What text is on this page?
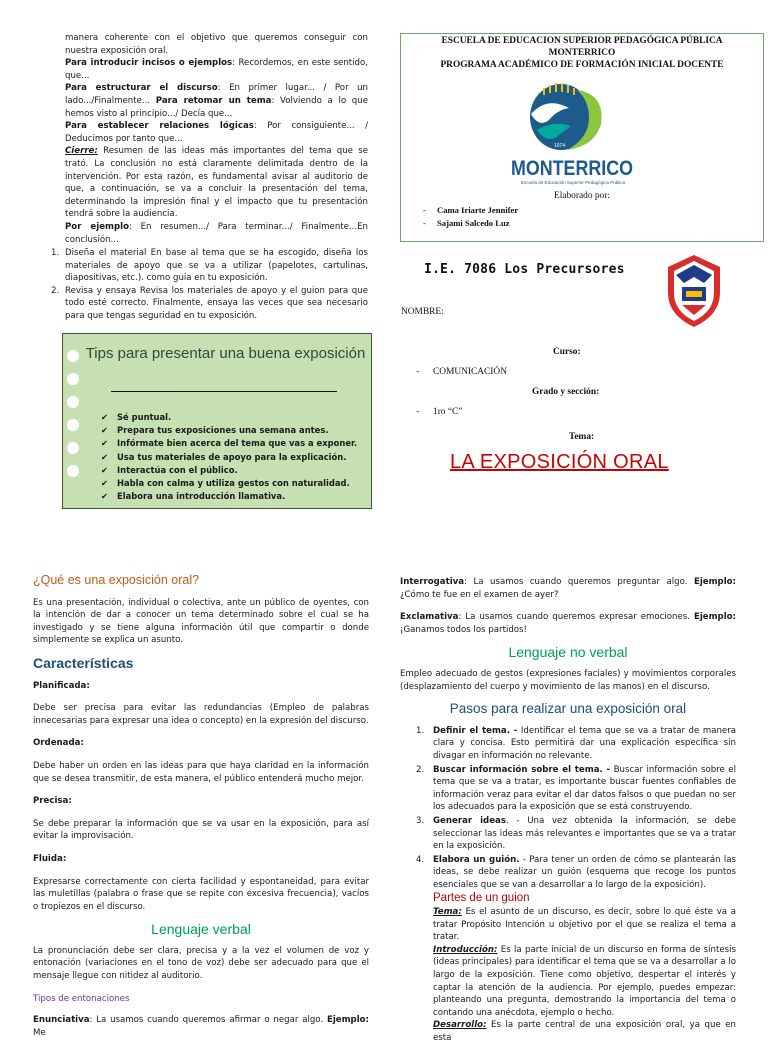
manera coherente con el objetivo que queremos conseguir con nuestra exposición oral.

Para introducir incisos o ejemplos: Recordemos, en este sentido, que...

Para estructurar el discurso: En primer lugar... / Por un lado.../Finalmente... Para retomar un tema: Volviendo a lo que hemos visto al principio.../ Decía que...

Para establecer relaciones lógicas: Por consiguiente... / Deducimos por tanto que...

Cierre: Resumen de las ideas más importantes del tema que se trató. La conclusión no está claramente delimitada dentro de la intervención. Por esta razón, es fundamental avisar al auditorio de que, a continuación, se va a concluir la presentación del tema, determinando la impresión final y el impacto que tu presentación tendrá sobre la audiencia.

Por ejemplo: En resumen.../ Para terminar.../ Finalmente...En conclusión...

1. Diseña el material En base al tema que se ha escogido, diseña los materiales de apoyo que se va a utilizar (papelotes, cartulinas, diapositivas, etc.). como guía en tu exposición.
2. Revisa y ensaya Revisa los materiales de apoyo y el guion para que todo esté correcto. Finalmente, ensaya las veces que sea necesario para que tengas seguridad en tu exposición.
Tips para presentar una buena exposición
✔ Sé puntual.
✔ Prepara tus exposiciones una semana antes.
✔ Infórmate bien acerca del tema que vas a exponer.
✔ Usa tus materiales de apoyo para la explicación.
✔ Interactúa con el público.
✔ Habla con calma y utiliza gestos con naturalidad.
✔ Elabora una introducción llamativa.
ESCUELA DE EDUCACION SUPERIOR PEDAGÓGICA PÚBLICA
MONTERRICO
PROGRAMA ACADÉMICO DE FORMACIÓN INICIAL DOCENTE
1974
MONTERRICO
Escuela de Educación Superior Pedagógica Pública
Elaborado por:
- Cama Iriarte Jennifer
- Sajami Salcedo Luz
I.E. 7086 Los Precursores
NOMBRE:
Curso:
- COMUNICACIÓN
Grado y sección:
- 1ro “C”
Tema:
LA EXPOSICIÓN ORAL
¿Qué es una exposición oral?

Es una presentación, individual o colectiva, ante un público de oyentes, con la intención de dar a conocer un tema determinado sobre el cual se ha investigado y se tiene alguna información útil que compartir o donde simplemente se explica un asunto.

Características
Planificada:

Debe ser precisa para evitar las redundancias (Empleo de palabras innecesarias para expresar una idea o concepto) en la expresión del discurso.

Ordenada:

Debe haber un orden en las ideas para que haya claridad en la información que se desea transmitir, de esta manera, el público entenderá mucho mejor.

Precisa:

Se debe preparar la información que se va usar en la exposición, para así evitar la improvisación.

Fluida:

Expresarse correctamente con cierta facilidad y espontaneidad, para evitar las muletillas (palabra o frase que se repite con excesiva frecuencia), vacíos o tropiezos en el discurso.

Lenguaje verbal

La pronunciación debe ser clara, precisa y a la vez el volumen de voz y entonación (variaciones en el tono de voz) debe ser adecuado para que el mensaje llegue con nitidez al auditorio.

Tipos de entonaciones

Enunciativa: La usamos cuando queremos afirmar o negar algo. Ejemplo: Me

Interrogativa: La usamos cuando queremos preguntar algo. Ejemplo: ¿Cómo te fue en el examen de ayer?

Exclamativa: La usamos cuando queremos expresar emociones. Ejemplo: ¡Ganamos todos los partidos!

Lenguaje no verbal

Empleo adecuado de gestos (expresiones faciales) y movimientos corporales (desplazamiento del cuerpo y movimiento de las manos) en el discurso.

Pasos para realizar una exposición oral
1. Definir el tema. - Identificar el tema que se va a tratar de manera clara y concisa. Esto permitirá dar una explicación específica sin divagar en información no relevante.
2. Buscar información sobre el tema. - Buscar información sobre el tema que se va a tratar, es importante buscar fuentes confiables de información veraz para evitar el dar datos falsos o que puedan no ser los adecuados para la exposición que se está construyendo.
3. Generar ideas. - Una vez obtenida la información, se debe seleccionar las ideas más relevantes e importantes que se va a tratar en la exposición.
4. Elabora un guión. - Para tener un orden de cómo se plantearán las ideas, se debe realizar un guión (esquema que recoge los puntos esenciales que se van a desarrollar a lo largo de la exposición).
Partes de un guion

Tema: Es el asunto de un discurso, es decir, sobre lo qué éste va a tratar Propósito Intención u objetivo por el que se realiza el tema a tratar.

Introducción: Es la parte inicial de un discurso en forma de síntesis (ideas principales) para identificar el tema que se va a desarrollar a lo largo de la exposición. Tiene como objetivo, despertar el interés y captar la atención de la audiencia. Por ejemplo, puedes empezar: planteando una pregunta, demostrando la importancia del tema o contando una anécdota, ejemplo o hecho.

Desarrollo: Es la parte central de una exposición oral, ya que en esta
